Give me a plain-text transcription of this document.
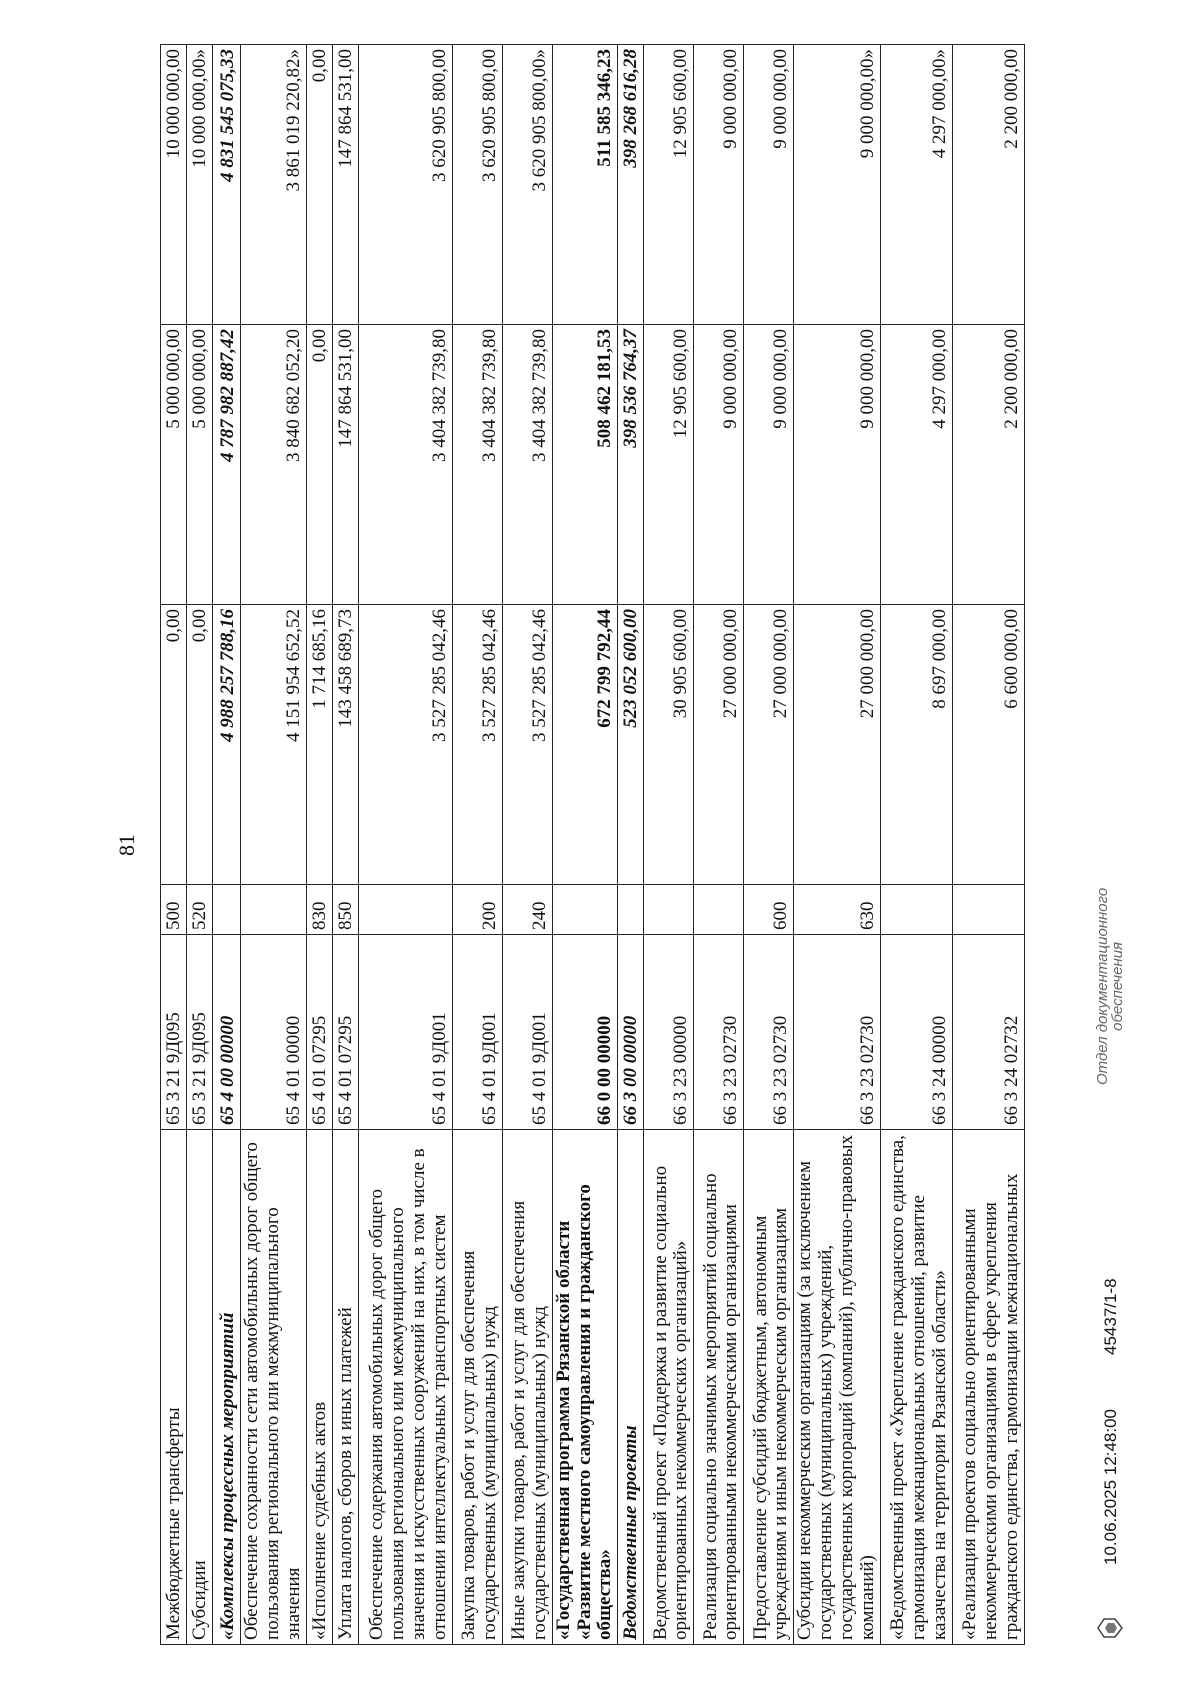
81
Межбюджетные трансферты	65 3 21 9Д095	500	0,00	5 000 000,00	10 000 000,00
Субсидии	65 3 21 9Д095	520	0,00	5 000 000,00	10 000 000,00»
«Комплексы процессных мероприятий	65 4 00 00000		4 988 257 788,16	4 787 982 887,42	4 831 545 075,33
Обеспечение сохранности сети автомобильных дорог общего пользования регионального или межмуниципального значения	65 4 01 00000		4 151 954 652,52	3 840 682 052,20	3 861 019 220,82»
«Исполнение судебных актов	65 4 01 07295	830	1 714 685,16	0,00	0,00
Уплата налогов, сборов и иных платежей	65 4 01 07295	850	143 458 689,73	147 864 531,00	147 864 531,00
Обеспечение содержания автомобильных дорог общего пользования регионального или межмуниципального значения и искусственных сооружений на них, в том числе в отношении интеллектуальных транспортных систем	65 4 01 9Д001		3 527 285 042,46	3 404 382 739,80	3 620 905 800,00
Закупка товаров, работ и услуг для обеспечения государственных (муниципальных) нужд	65 4 01 9Д001	200	3 527 285 042,46	3 404 382 739,80	3 620 905 800,00
Иные закупки товаров, работ и услуг для обеспечения государственных (муниципальных) нужд	65 4 01 9Д001	240	3 527 285 042,46	3 404 382 739,80	3 620 905 800,00»
«Государственная программа Рязанской области «Развитие местного самоуправления и гражданского общества»	66 0 00 00000		672 799 792,44	508 462 181,53	511 585 346,23
Ведомственные проекты	66 3 00 00000		523 052 600,00	398 536 764,37	398 268 616,28
Ведомственный проект «Поддержка и развитие социально ориентированных некоммерческих организаций»	66 3 23 00000		30 905 600,00	12 905 600,00	12 905 600,00
Реализация социально значимых мероприятий социально ориентированными некоммерческими организациями	66 3 23 02730		27 000 000,00	9 000 000,00	9 000 000,00
Предоставление субсидий бюджетным, автономным учреждениям и иным некоммерческим организациям	66 3 23 02730	600	27 000 000,00	9 000 000,00	9 000 000,00
Субсидии некоммерческим организациям (за исключением государственных (муниципальных) учреждений, государственных корпораций (компаний), публично-правовых компаний)	66 3 23 02730	630	27 000 000,00	9 000 000,00	9 000 000,00»
«Ведомственный проект «Укрепление гражданского единства, гармонизация межнациональных отношений, развитие казачества на территории Рязанской области»	66 3 24 00000		8 697 000,00	4 297 000,00	4 297 000,00»
«Реализация проектов социально ориентированными некоммерческими организациями в сфере укрепления гражданского единства, гармонизации межнациональных	66 3 24 02732		6 600 000,00	2 200 000,00	2 200 000,00
10.06.2025 12:48:00
45437/1-8
Отдел документационного
обеспечения
